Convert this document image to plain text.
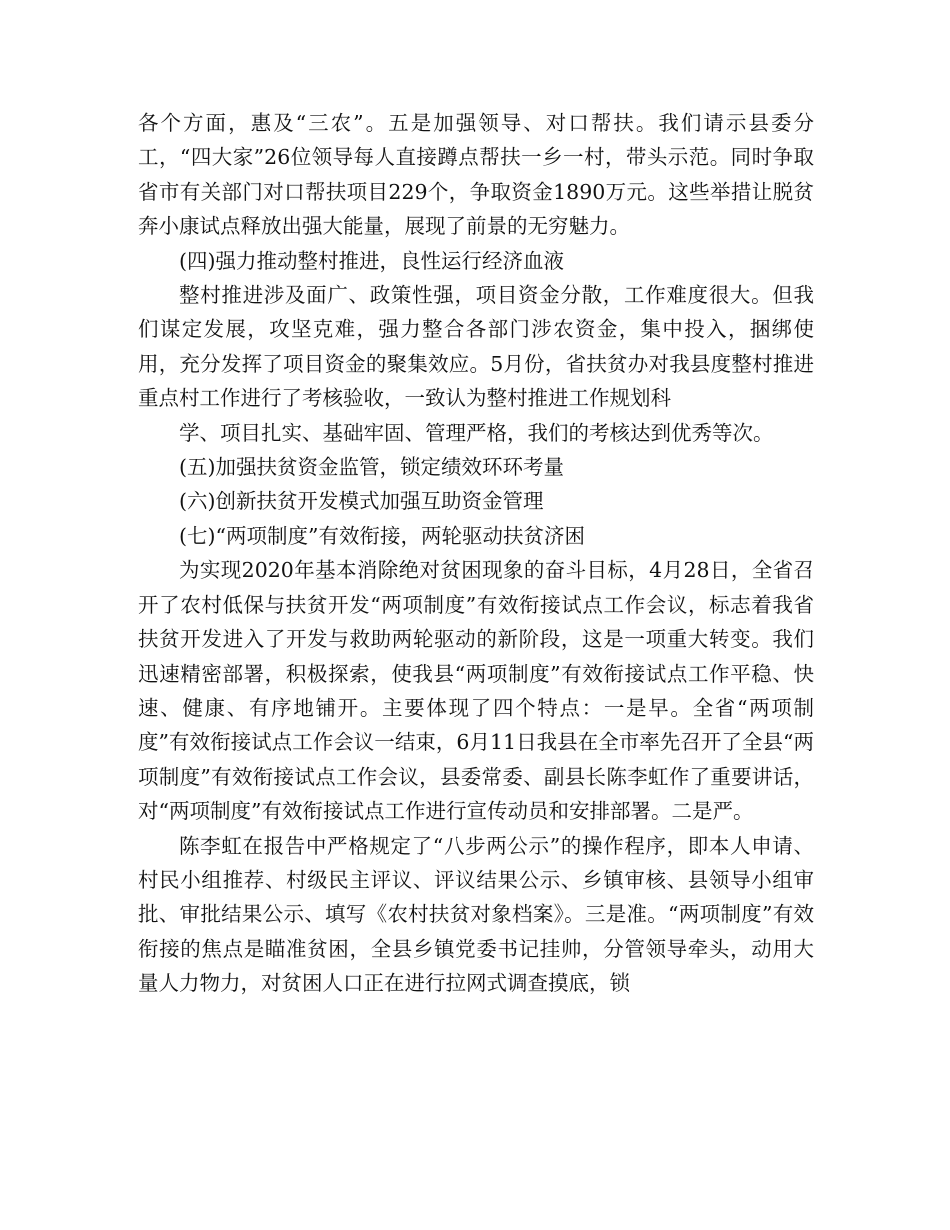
各个方面，惠及“三农”。五是加强领导、对口帮扶。我们请示县委分工，“四大家”26位领导每人直接蹲点帮扶一乡一村，带头示范。同时争取省市有关部门对口帮扶项目229个，争取资金1890万元。这些举措让脱贫奔小康试点释放出强大能量，展现了前景的无穷魅力。

(四)强力推动整村推进，良性运行经济血液

整村推进涉及面广、政策性强，项目资金分散，工作难度很大。但我们谋定发展，攻坚克难，强力整合各部门涉农资金，集中投入，捆绑使用，充分发挥了项目资金的聚集效应。5月份，省扶贫办对我县度整村推进重点村工作进行了考核验收，一致认为整村推进工作规划科

学、项目扎实、基础牢固、管理严格，我们的考核达到优秀等次。

(五)加强扶贫资金监管，锁定绩效环环考量

(六)创新扶贫开发模式加强互助资金管理

(七)“两项制度”有效衔接，两轮驱动扶贫济困

为实现2020年基本消除绝对贫困现象的奋斗目标，4月28日，全省召开了农村低保与扶贫开发“两项制度”有效衔接试点工作会议，标志着我省扶贫开发进入了开发与救助两轮驱动的新阶段，这是一项重大转变。我们迅速精密部署，积极探索，使我县“两项制度”有效衔接试点工作平稳、快速、健康、有序地铺开。主要体现了四个特点：一是早。全省“两项制度”有效衔接试点工作会议一结束，6月11日我县在全市率先召开了全县“两项制度”有效衔接试点工作会议，县委常委、副县长陈李虹作了重要讲话，对“两项制度”有效衔接试点工作进行宣传动员和安排部署。二是严。

陈李虹在报告中严格规定了“八步两公示”的操作程序，即本人申请、村民小组推荐、村级民主评议、评议结果公示、乡镇审核、县领导小组审批、审批结果公示、填写《农村扶贫对象档案》。三是准。“两项制度”有效衔接的焦点是瞄准贫困，全县乡镇党委书记挂帅，分管领导牵头，动用大量人力物力，对贫困人口正在进行拉网式调查摸底，锁
